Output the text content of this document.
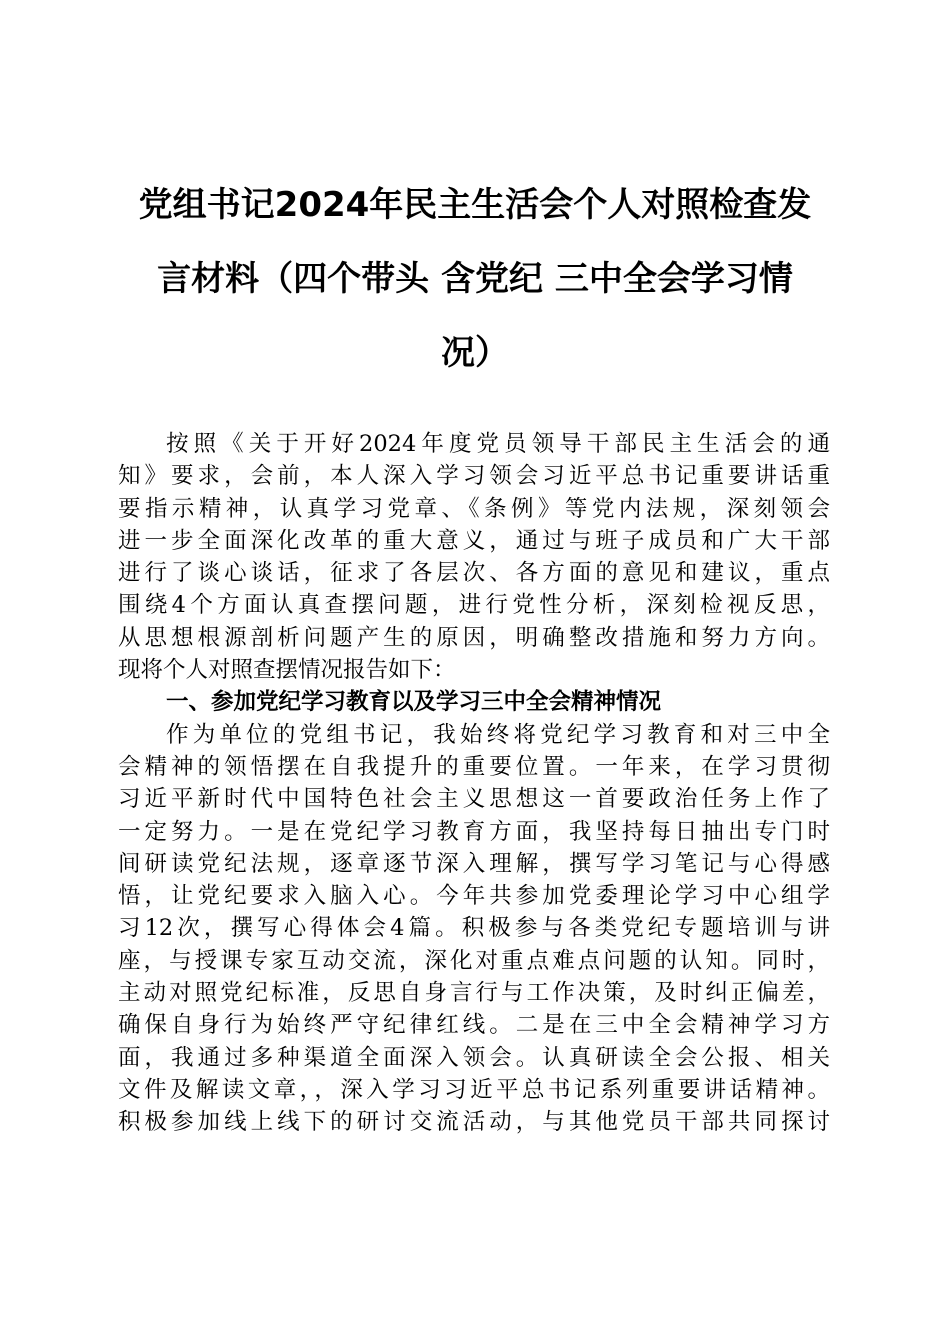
党组书记2024年民主生活会个人对照检查发
言材料（四个带头 含党纪 三中全会学习情
况）
按照《关于开好2024年度党员领导干部民主生活会的通
知》要求，会前，本人深入学习领会习近平总书记重要讲话重
要指示精神，认真学习党章、《条例》等党内法规，深刻领会
进一步全面深化改革的重大意义，通过与班子成员和广大干部
进行了谈心谈话，征求了各层次、各方面的意见和建议，重点
围绕4个方面认真查摆问题，进行党性分析，深刻检视反思，
从思想根源剖析问题产生的原因，明确整改措施和努力方向。
现将个人对照查摆情况报告如下：
一、参加党纪学习教育以及学习三中全会精神情况
作为单位的党组书记，我始终将党纪学习教育和对三中全
会精神的领悟摆在自我提升的重要位置。一年来，在学习贯彻
习近平新时代中国特色社会主义思想这一首要政治任务上作了
一定努力。一是在党纪学习教育方面，我坚持每日抽出专门时
间研读党纪法规，逐章逐节深入理解，撰写学习笔记与心得感
悟，让党纪要求入脑入心。今年共参加党委理论学习中心组学
习12次，撰写心得体会4篇。积极参与各类党纪专题培训与讲
座，与授课专家互动交流，深化对重点难点问题的认知。同时，
主动对照党纪标准，反思自身言行与工作决策，及时纠正偏差，
确保自身行为始终严守纪律红线。二是在三中全会精神学习方
面，我通过多种渠道全面深入领会。认真研读全会公报、相关
文件及解读文章，，深入学习习近平总书记系列重要讲话精神。
积极参加线上线下的研讨交流活动，与其他党员干部共同探讨
